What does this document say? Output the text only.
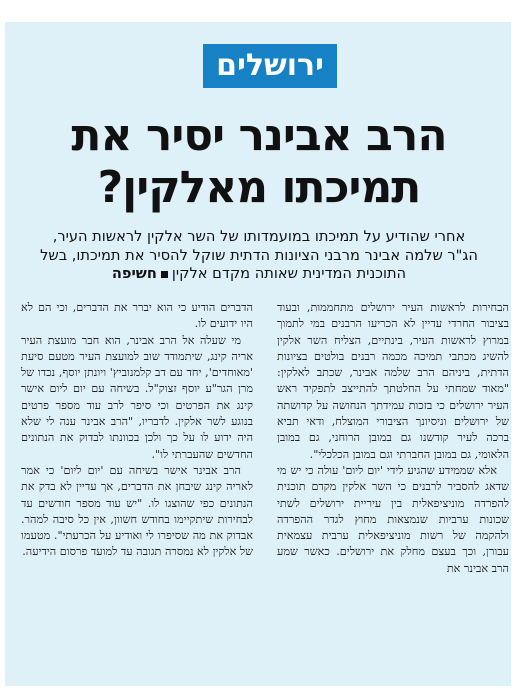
ירושלים
הרב אבינר יסיר את
תמיכתו מאלקין?
אחרי שהודיע על תמיכתו במועמדותו של השר אלקין לראשות העיר,
הג"ר שלמה אבינר מרבני הציונות הדתית שוקל להסיר את תמיכתו, בשל
התוכנית המדינית שאותה מקדם אלקיןחשיפה

הבחירות לראשות העיר ירושלים מתחממות, ובעוד בציבור החרדי עדיין לא הכריעו הרבנים במי לתמוך במרוץ לראשות העיר, בינתיים, הצליח השר אלקין להשיג מכתבי תמיכה מכמה רבנים בולטים בציונות הדתית, ביניהם הרב שלמה אבינר, שכתב לאלקין: "מאוד שמחתי על החלטתך להתייצב לתפקיד ראש העיר ירושלים כי בזכות עמידתך הנחושה על קדושתה של ירושלים וניסיונך הציבורי המוצלח, ודאי תביא ברכה לעיר קודשנו גם במובן הרוחני, גם במובן הלאומי, גם במובן החברתי וגם במובן הכלכלי".

אלא שממידע שהגיע לידי 'יום ליום' עולה כי יש מי שדאג להסביר לרבנים כי השר אלקין מקדם תוכנית להפרדה מוניציפאלית בין עיריית ירושלים לשתי שכונות ערביות שנמצאות מחוץ לגדר ההפרדה ולהקמה של רשות מוניציפאלית ערבית עצמאית עבורן, וכך בעצם מחלק את ירושלים. כאשר שמע הרב אבינר את

הדברים הודיע כי הוא יברר את הדברים, וכי הם לא היו ידועים לו.

מי שעלה אל הרב אבינר, הוא חבר מועצת העיר אריה קינג, שיתמודד שוב למועצת העיר מטעם סיעת 'מאוחדים', יחד עם דב קלמנוביץ' ויונתן יוסף, נכדו של מרן הגר"ע יוסף זצוק"ל. בשיחה עם יום ליום אישר קינג את הפרטים וכי סיפר לרב עוד מספר פרטים בנוגע לשר אלקין. לדבריו, "הרב אבינר ענה לי שלא היה ידוע לו על כך ולכן בכוונתו לבדוק את הנתונים החדשים שהעברתי לו".

הרב אבינר אישר בשיחה עם 'יום ליום' כי אמר לאריה קינג שיבחן את הדברים, אך עדיין לא בדק את הנתונים כפי שהוצגו לו. "יש עוד מספר חודשים עד לבחירות שיתקיימו בחודש חשוון, אין כל סיבה למהר. אבדוק את מה שסיפרו לי ואודיע על הכרעתי". מטעמו של אלקין לא נמסרה תגובה עד למועד פרסום הידיעה.
